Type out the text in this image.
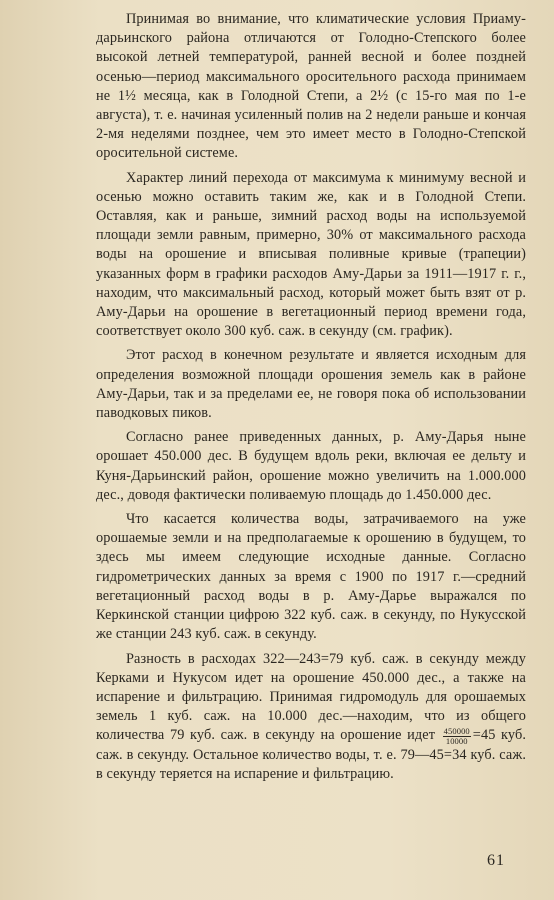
Принимая во внимание, что климатические условия Приаму-дарьинского района отличаются от Голодно-Степского более высокой летней температурой, ранней весной и более поздней осенью—период максимального оросительного расхода принимаем не 1½ месяца, как в Голодной Степи, а 2½ (с 15-го мая по 1-е августа), т. е. начиная усиленный полив на 2 недели раньше и кончая 2-мя неделями позднее, чем это имеет место в Голодно-Степской оросительной системе.

Характер линий перехода от максимума к минимуму весной и осенью можно оставить таким же, как и в Голодной Степи. Оставляя, как и раньше, зимний расход воды на используемой площади земли равным, примерно, 30% от максимального расхода воды на орошение и вписывая поливные кривые (трапеции) указанных форм в графики расходов Аму-Дарьи за 1911—1917 г. г., находим, что максимальный расход, который может быть взят от р. Аму-Дарьи на орошение в вегетационный период времени года, соответствует около 300 куб. саж. в секунду (см. график).

Этот расход в конечном результате и является исходным для определения возможной площади орошения земель как в районе Аму-Дарьи, так и за пределами ее, не говоря пока об использовании паводковых пиков.

Согласно ранее приведенных данных, р. Аму-Дарья ныне орошает 450.000 дес. В будущем вдоль реки, включая ее дельту и Куня-Дарьинский район, орошение можно увеличить на 1.000.000 дес., доводя фактически поливаемую площадь до 1.450.000 дес.

Что касается количества воды, затрачиваемого на уже орошаемые земли и на предполагаемые к орошению в будущем, то здесь мы имеем следующие исходные данные. Согласно гидрометрических данных за время с 1900 по 1917 г.—средний вегетационный расход воды в р. Аму-Дарье выражался по Керкинской станции цифрою 322 куб. саж. в секунду, по Нукусской же станции 243 куб. саж. в секунду.

Разность в расходах 322—243=79 куб. саж. в секунду между Керками и Нукусом идет на орошение 450.000 дес., а также на испарение и фильтрацию. Принимая гидромодуль для орошаемых земель 1 куб. саж. на 10.000 дес.—находим, что из общего количества 79 куб. саж. в секунду на орошение идет $\frac{450000}{10000} =45$ куб. саж. в секунду. Остальное количество воды, т. е. 79—45=34 куб. саж. в секунду теряется на испарение и фильтрацию.

61
